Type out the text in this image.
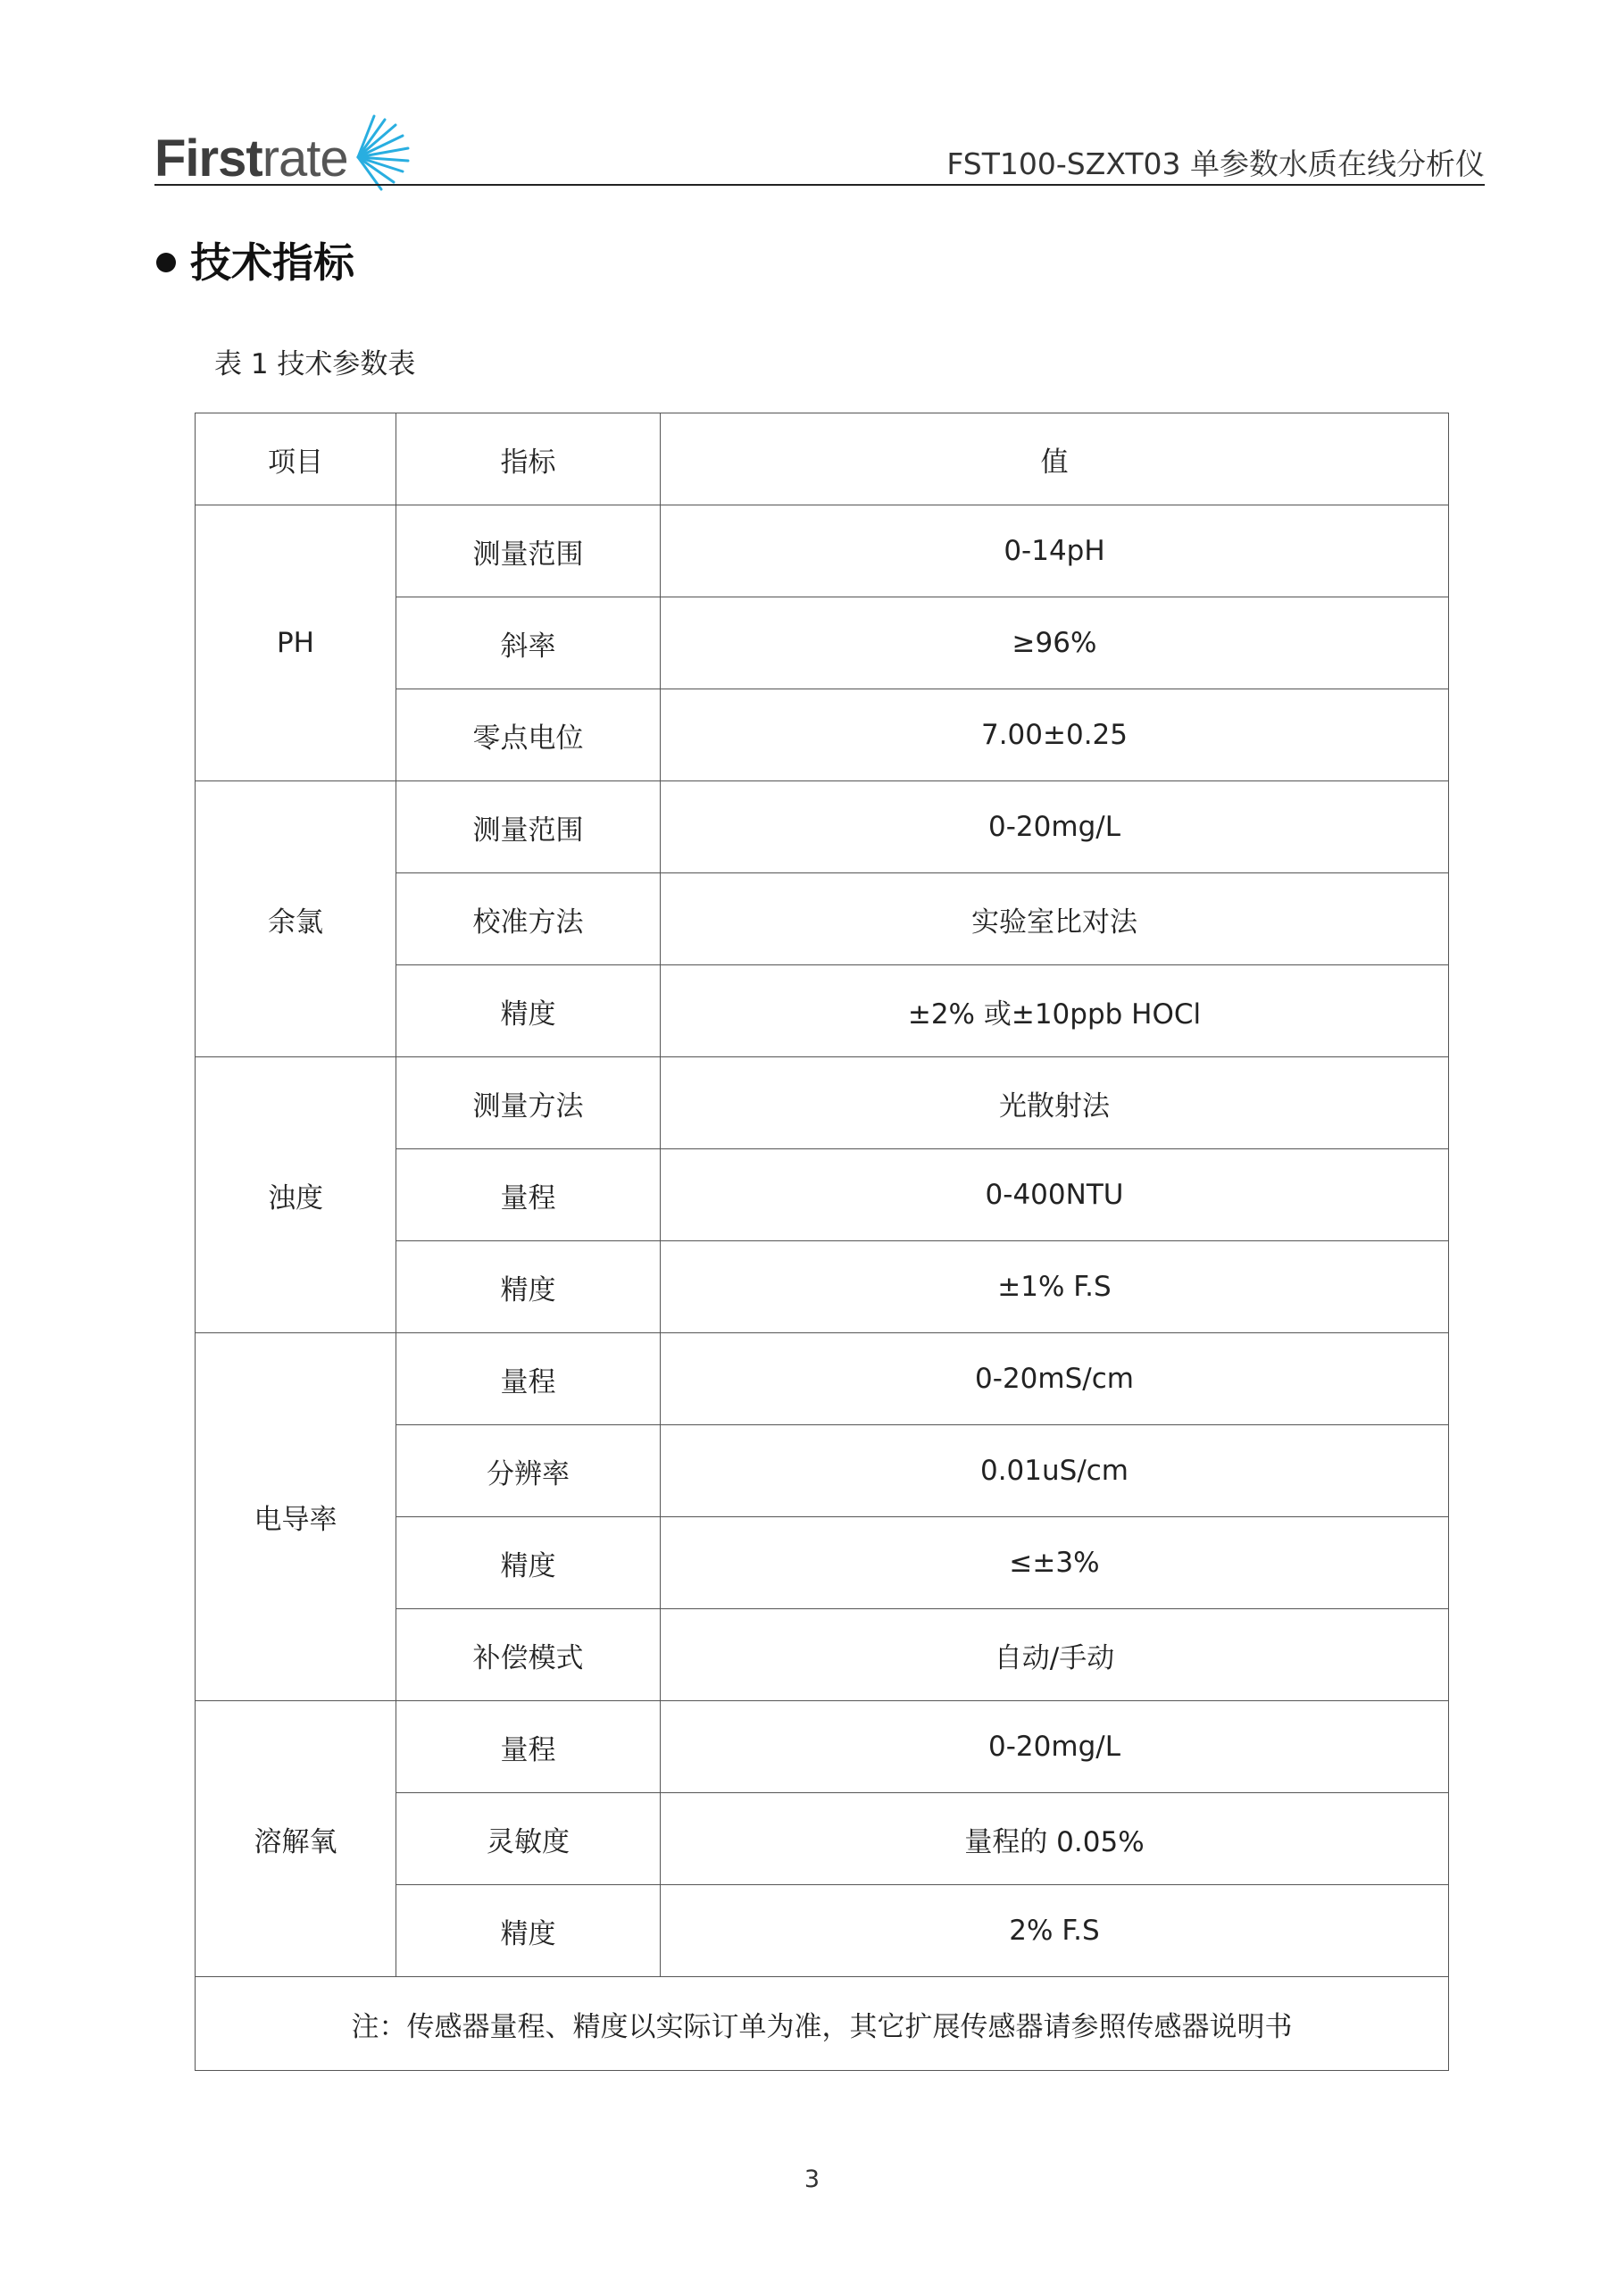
Firstrate	FST100-SZXT03 单参数水质在线分析仪
技术指标
表 1 技术参数表
项目	指标	值
PH	测量范围	0-14pH
	斜率	≥96%
	零点电位	7.00±0.25
余氯	测量范围	0-20mg/L
	校准方法	实验室比对法
	精度	±2% 或±10ppb HOCl
浊度	测量方法	光散射法
	量程	0-400NTU
	精度	±1% F.S
电导率	量程	0-20mS/cm
	分辨率	0.01uS/cm
	精度	≤±3%
	补偿模式	自动/手动
溶解氧	量程	0-20mg/L
	灵敏度	量程的 0.05%
	精度	2% F.S
注：传感器量程、精度以实际订单为准，其它扩展传感器请参照传感器说明书		
3
